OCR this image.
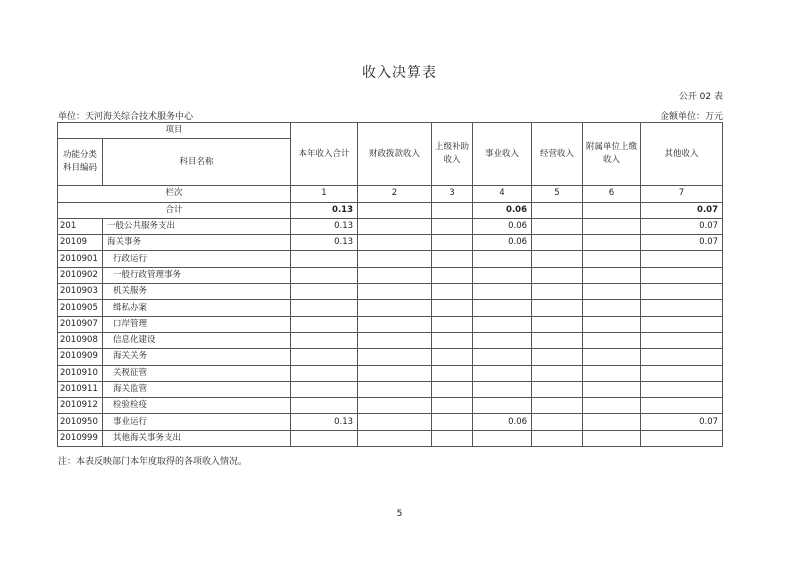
收入决算表
公开 02 表
单位：天河海关综合技术服务中心	金额单位：万元
项目		本年收入合计	财政拨款收入	上级补助收入	事业收入	经营收入	附属单位上缴收入	其他收入
功能分类科目编码	科目名称							
栏次		1	2	3	4	5	6	7
合计		0.13			0.06			0.07
201	一般公共服务支出	0.13			0.06			0.07
20109	海关事务	0.13			0.06			0.07
2010901	行政运行							
2010902	一般行政管理事务							
2010903	机关服务							
2010905	缉私办案							
2010907	口岸管理							
2010908	信息化建设							
2010909	海关关务							
2010910	关税征管							
2010911	海关监管							
2010912	检验检疫							
2010950	事业运行	0.13			0.06			0.07
2010999	其他海关事务支出							
注：本表反映部门本年度取得的各项收入情况。
5
